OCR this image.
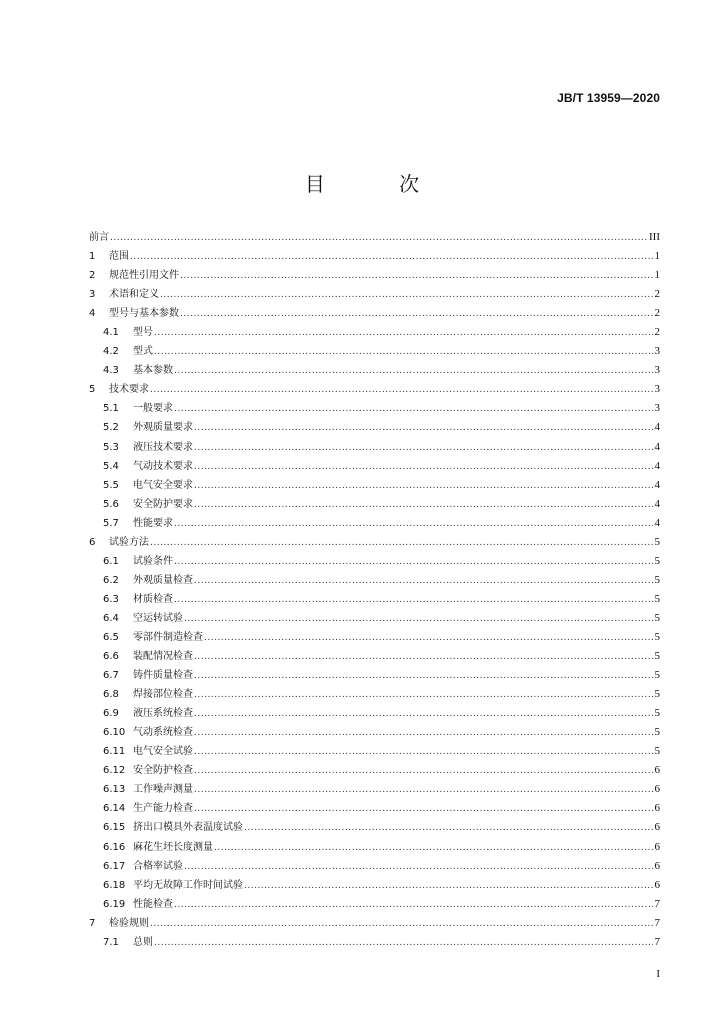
JB/T 13959—2020
目 次
前言 .....	III
1	范围 .....	1
2	规范性引用文件 .....	1
3	术语和定义 .....	2
4	型号与基本参数 .....	2
4.1	型号 .....	2
4.2	型式 .....	3
4.3	基本参数 .....	3
5	技术要求 .....	3
5.1	一般要求 .....	3
5.2	外观质量要求 .....	4
5.3	液压技术要求 .....	4
5.4	气动技术要求 .....	4
5.5	电气安全要求 .....	4
5.6	安全防护要求 .....	4
5.7	性能要求 .....	4
6	试验方法 .....	5
6.1	试验条件 .....	5
6.2	外观质量检查 .....	5
6.3	材质检查 .....	5
6.4	空运转试验 .....	5
6.5	零部件制造检查 .....	5
6.6	装配情况检查 .....	5
6.7	铸件质量检查 .....	5
6.8	焊接部位检查 .....	5
6.9	液压系统检查 .....	5
6.10 气动系统检查 .....	5
6.11 电气安全试验 .....	5
6.12 安全防护检查 .....	6
6.13 工作噪声测量 .....	6
6.14 生产能力检查 .....	6
6.15 挤出口模具外表温度试验 .....	6
6.16 麻花生坯长度测量 .....	6
6.17 合格率试验 .....	6
6.18 平均无故障工作时间试验 .....	6
6.19 性能检查 .....	7
7	检验规则 .....	7
7.1	总则 .....	7
I
